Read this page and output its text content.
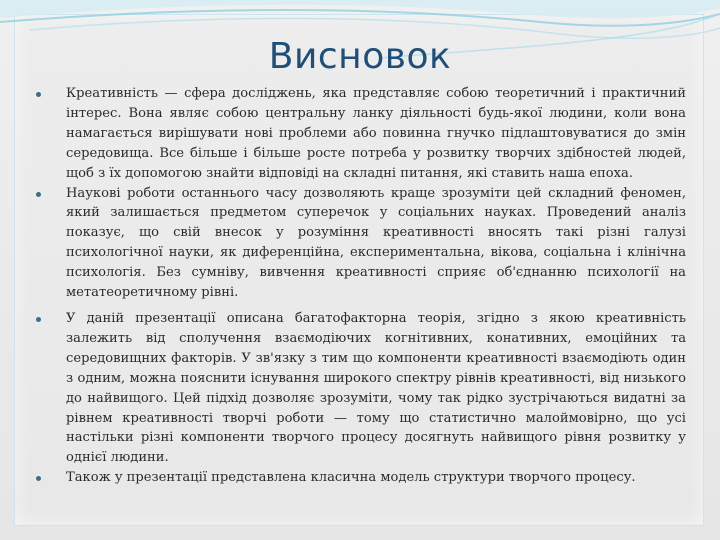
Висновок
Креативність — сфера досліджень, яка представляє собою теоретичний і практичний інтерес. Вона являє собою центральну ланку діяльності будь-якої людини, коли вона намагається вирішувати нові проблеми або повинна гнучко підлаштовуватися до змін середовища. Все більше і більше росте потреба у розвитку творчих здібностей людей, щоб з їх допомогою знайти відповіді на складні питання, які ставить наша епоха.
Наукові роботи останнього часу дозволяють краще зрозуміти цей складний феномен, який залишається предметом суперечок у соціальних науках. Проведений аналіз показує, що свій внесок у розуміння креативності вносять такі різні галузі психологічної науки, як диференційна, експериментальна, вікова, соціальна і клінічна психологія. Без сумніву, вивчення креативності сприяє об'єднанню психології на метатеоретичному рівні.
У даній презентації описана багатофакторна теорія, згідно з якою креативність залежить від сполучення взаємодіючих когнітивних, конативних, емоційних та середовищних факторів. У зв'язку з тим що компоненти креативності взаємодіють один з одним, можна пояснити існування широкого спектру рівнів креативності, від низького до найвищого. Цей підхід дозволяє зрозуміти, чому так рідко зустрічаються видатні за рівнем креативності творчі роботи — тому що статистично малоймовірно, що усі настільки різні компоненти творчого процесу досягнуть найвищого рівня розвитку у однієї людини.
Також у презентації представлена класична модель структури творчого процесу.
